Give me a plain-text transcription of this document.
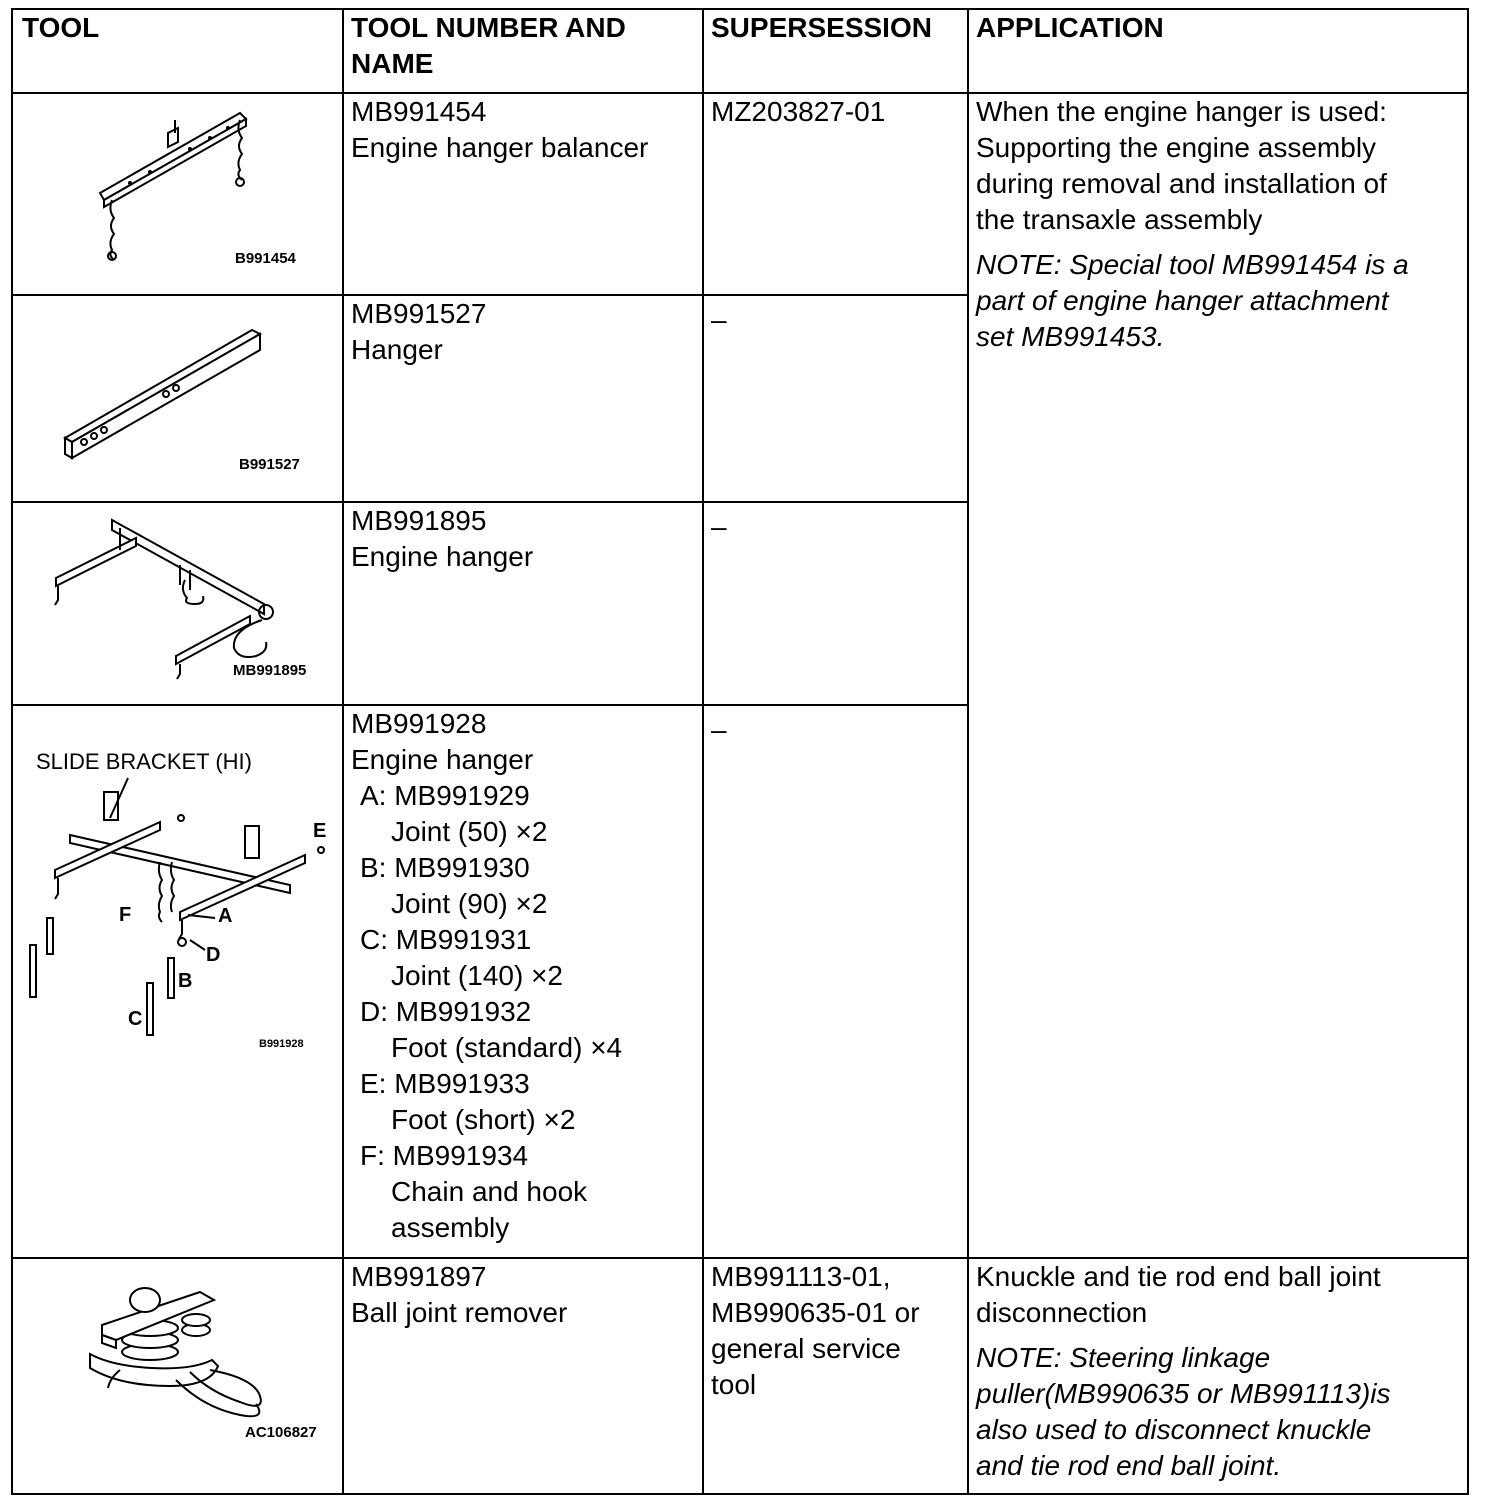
TOOL	TOOL NUMBER AND
NAME
SUPERSESSION APPLICATION
B991454
MB991454
Engine hanger balancer
MZ203827-01
B991527
MB991527
Hanger
–
MB991895
MB991895
Engine hanger
–
SLIDE BRACKET (HI)
A
B
C
D
E
F
B991928
MB991928
Engine hanger
A: MB991929
Joint (50) ×2
B: MB991930
Joint (90) ×2
C: MB991931
Joint (140) ×2
D: MB991932
Foot (standard) ×4
E: MB991933
Foot (short) ×2
F: MB991934
Chain and hook
assembly
–
When the engine hanger is used:
Supporting the engine assembly
during removal and installation of
the transaxle assembly
NOTE: Special tool MB991454 is a
part of engine hanger attachment
set MB991453.
AC106827
MB991897
Ball joint remover
MB991113-01,
MB990635-01 or
general service
tool
Knuckle and tie rod end ball joint
disconnection
NOTE: Steering linkage
puller(MB990635 or MB991113)is
also used to disconnect knuckle
and tie rod end ball joint.
